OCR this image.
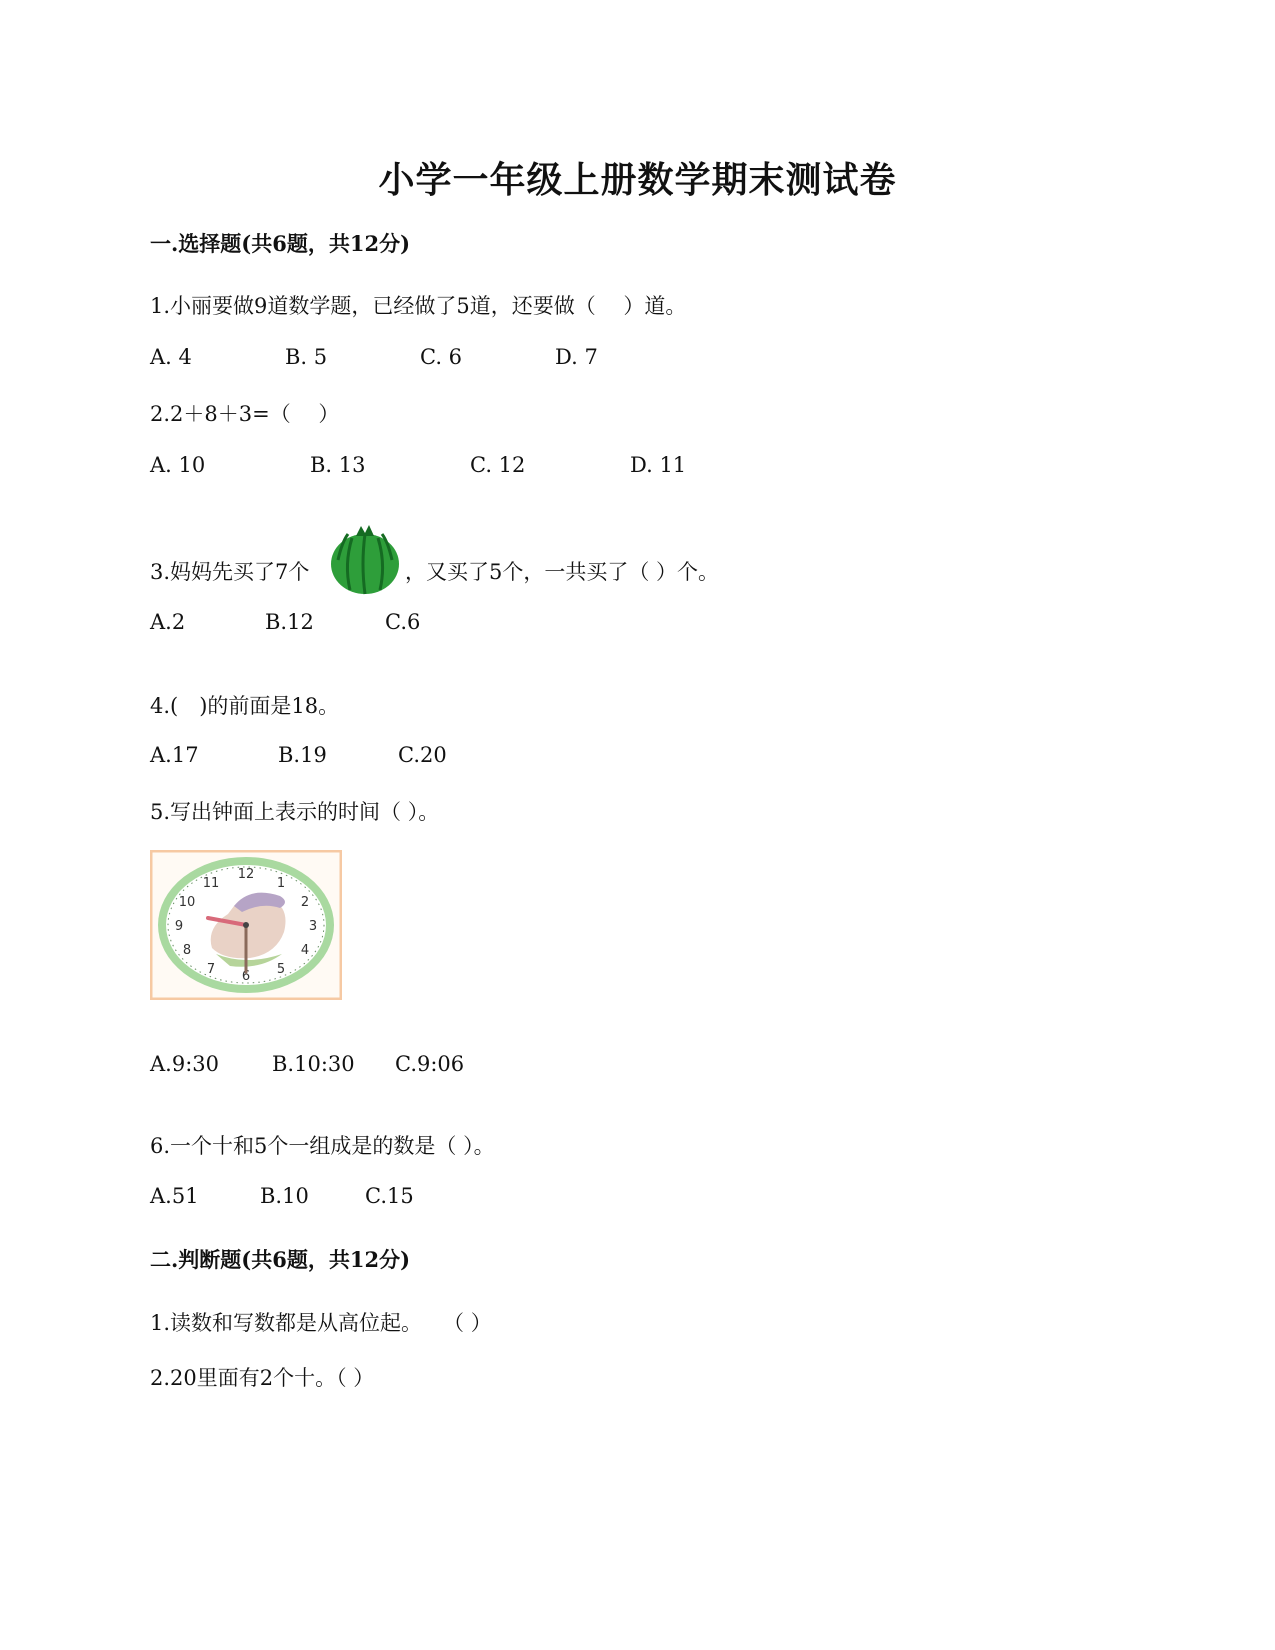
小学一年级上册数学期末测试卷
一.选择题(共6题，共12分)
1.小丽要做9道数学题，已经做了5道，还要做（　 ）道。
A. 4	B. 5	C. 6	D. 7
2.2＋8＋3=（　 ）
A. 10	B. 13	C. 12	D. 11
3.妈妈先买了7个	，又买了5个，一共买了（ ）个。
A.2	B.12	C.6
4.(　)的前面是18。
A.17	B.19	C.20
5.写出钟面上表示的时间（ ）。
12
1
2
3
4
5
6
7
8
9
10
11
A.9:30	B.10:30 C.9:06
6.一个十和5个一组成是的数是（ ）。
A.51	B.10	C.15
二.判断题(共6题，共12分)
1.读数和写数都是从高位起。　　（ ）
2.20里面有2个十。（ ）
